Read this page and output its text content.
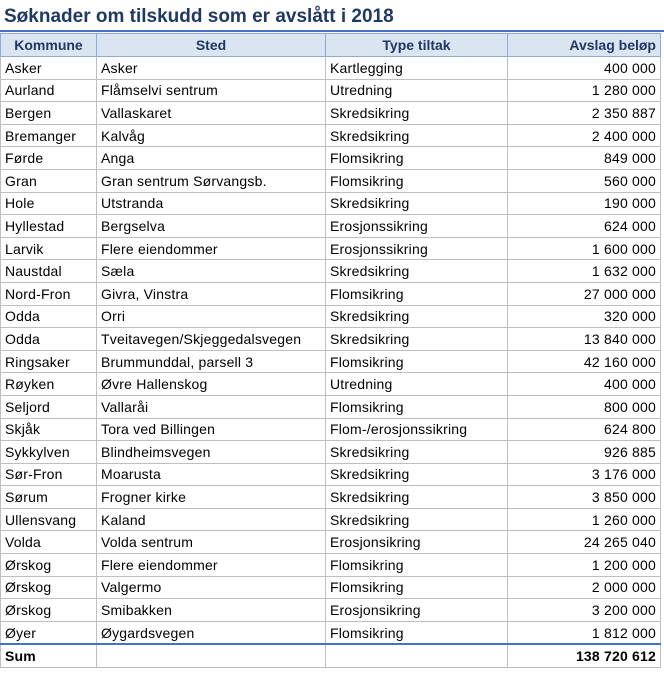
Søknader om tilskudd som er avslått i 2018
Kommune	Sted	Type tiltak	Avslag beløp
Asker	Asker	Kartlegging	400 000
Aurland	Flåmselvi sentrum	Utredning	1 280 000
Bergen	Vallaskaret	Skredsikring	2 350 887
Bremanger	Kalvåg	Skredsikring	2 400 000
Førde	Anga	Flomsikring	849 000
Gran	Gran sentrum Sørvangsb.	Flomsikring	560 000
Hole	Utstranda	Skredsikring	190 000
Hyllestad	Bergselva	Erosjonssikring	624 000
Larvik	Flere eiendommer	Erosjonssikring	1 600 000
Naustdal	Sæla	Skredsikring	1 632 000
Nord-Fron	Givra, Vinstra	Flomsikring	27 000 000
Odda	Orri	Skredsikring	320 000
Odda	Tveitavegen/Skjeggedalsvegen	Skredsikring	13 840 000
Ringsaker	Brummunddal, parsell 3	Flomsikring	42 160 000
Røyken	Øvre Hallenskog	Utredning	400 000
Seljord	Vallaråi	Flomsikring	800 000
Skjåk	Tora ved Billingen	Flom-/erosjonssikring	624 800
Sykkylven	Blindheimsvegen	Skredsikring	926 885
Sør-Fron	Moarusta	Skredsikring	3 176 000
Sørum	Frogner kirke	Skredsikring	3 850 000
Ullensvang	Kaland	Skredsikring	1 260 000
Volda	Volda sentrum	Erosjonsikring	24 265 040
Ørskog	Flere eiendommer	Flomsikring	1 200 000
Ørskog	Valgermo	Flomsikring	2 000 000
Ørskog	Smibakken	Erosjonsikring	3 200 000
Øyer	Øygardsvegen	Flomsikring	1 812 000
Sum			138 720 612
